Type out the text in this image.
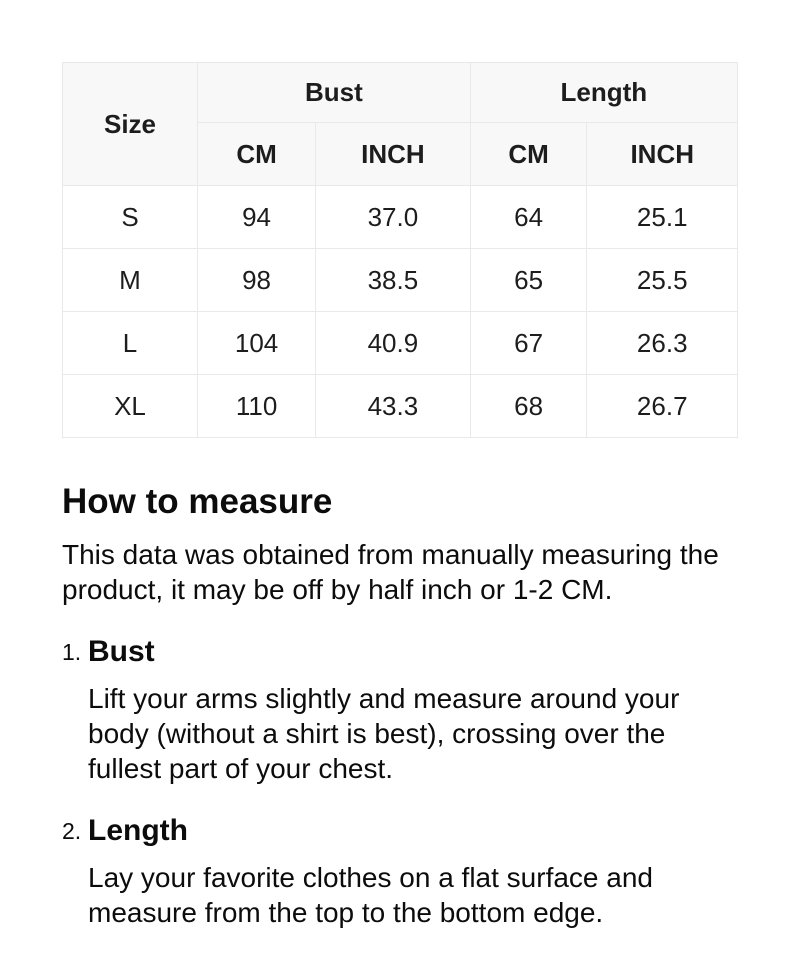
Size	Bust		Length	
	CM	INCH	CM	INCH
S	94	37.0	64	25.1
M	98	38.5	65	25.5
L	104	40.9	67	26.3
XL	110	43.3	68	26.7
How to measure

This data was obtained from manually measuring the product, it may be off by half inch or 1-2 CM.

1. Bust
Lift your arms slightly and measure around your body (without a shirt is best), crossing over the fullest part of your chest.
2. Length
Lay your favorite clothes on a flat surface and measure from the top to the bottom edge.
